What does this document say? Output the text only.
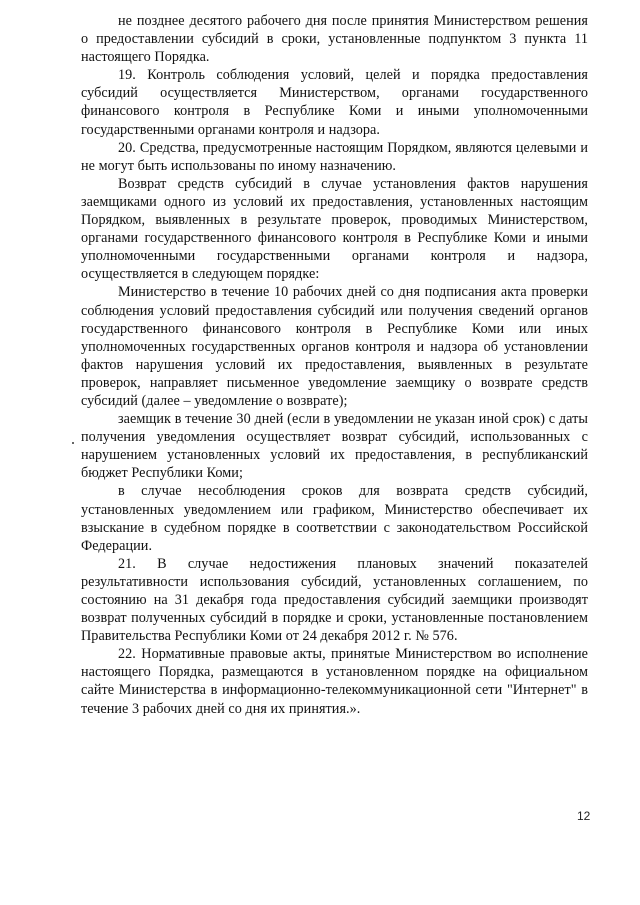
не позднее десятого рабочего дня после принятия Министерством решения о предоставлении субсидий в сроки, установленные подпунктом 3 пункта 11 настоящего Порядка.

19. Контроль соблюдения условий, целей и порядка предоставления субсидий осуществляется Министерством, органами государственного финансового контроля в Республике Коми и иными уполномоченными государственными органами контроля и надзора.

20. Средства, предусмотренные настоящим Порядком, являются целевыми и не могут быть использованы по иному назначению.

Возврат средств субсидий в случае установления фактов нарушения заемщиками одного из условий их предоставления, установленных настоящим Порядком, выявленных в результате проверок, проводимых Министерством, органами государственного финансового контроля в Республике Коми и иными уполномоченными государственными органами контроля и надзора, осуществляется в следующем порядке:

Министерство в течение 10 рабочих дней со дня подписания акта проверки соблюдения условий предоставления субсидий или получения сведений органов государственного финансового контроля в Республике Коми или иных уполномоченных государственных органов контроля и надзора об установлении фактов нарушения условий их предоставления, выявленных в результате проверок, направляет письменное уведомление заемщику о возврате средств субсидий (далее – уведомление о возврате);

заемщик в течение 30 дней (если в уведомлении не указан иной срок) с даты получения уведомления осуществляет возврат субсидий, использованных с нарушением установленных условий их предоставления, в республиканский бюджет Республики Коми;

в случае несоблюдения сроков для возврата средств субсидий, установленных уведомлением или графиком, Министерство обеспечивает их взыскание в судебном порядке в соответствии с законодательством Российской Федерации.

21. В случае недостижения плановых значений показателей результативности использования субсидий, установленных соглашением, по состоянию на 31 декабря года предоставления субсидий заемщики производят возврат полученных субсидий в порядке и сроки, установленные постановлением Правительства Республики Коми от 24 декабря 2012 г. № 576.

22. Нормативные правовые акты, принятые Министерством во исполнение настоящего Порядка, размещаются в установленном порядке на официальном сайте Министерства в информационно-телекоммуникационной сети "Интернет" в течение 3 рабочих дней со дня их принятия.».

12
